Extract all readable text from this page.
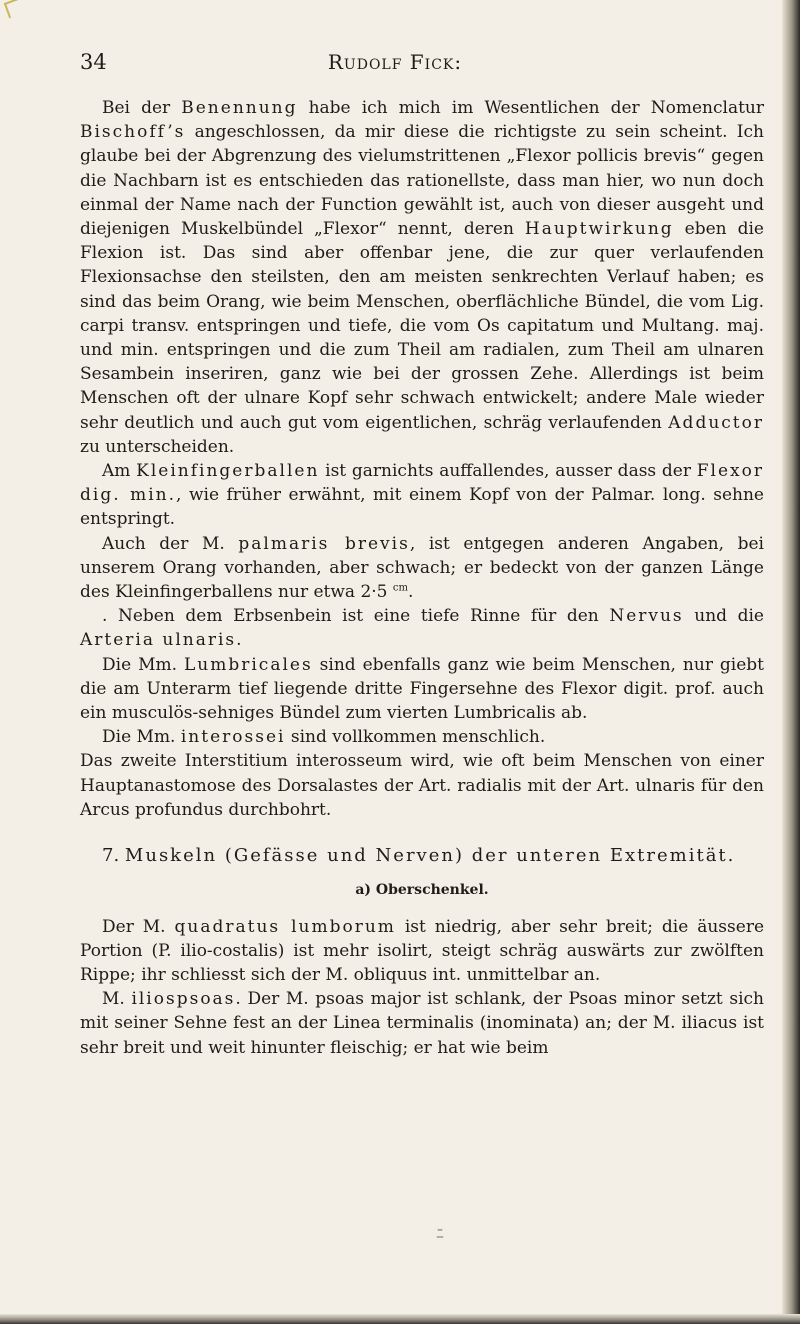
34	Rudolf Fick:

Bei der Benennung habe ich mich im Wesentlichen der Nomenclatur Bischoff’s angeschlossen, da mir diese die richtigste zu sein scheint. Ich glaube bei der Abgrenzung des vielumstrittenen „Flexor pollicis brevis“ gegen die Nachbarn ist es entschieden das rationellste, dass man hier, wo nun doch einmal der Name nach der Function gewählt ist, auch von dieser ausgeht und diejenigen Muskelbündel „Flexor“ nennt, deren Hauptwirkung eben die Flexion ist. Das sind aber offenbar jene, die zur quer verlaufenden Flexionsachse den steilsten, den am meisten senkrechten Verlauf haben; es sind das beim Orang, wie beim Menschen, oberflächliche Bündel, die vom Lig. carpi transv. entspringen und tiefe, die vom Os capitatum und Multang. maj. und min. entspringen und die zum Theil am radialen, zum Theil am ulnaren Sesambein inseriren, ganz wie bei der grossen Zehe. Allerdings ist beim Menschen oft der ulnare Kopf sehr schwach entwickelt; andere Male wieder sehr deutlich und auch gut vom eigentlichen, schräg verlaufenden Adductor zu unterscheiden.

Am Kleinfingerballen ist garnichts auffallendes, ausser dass der Flexor dig. min., wie früher erwähnt, mit einem Kopf von der Palmar. long. sehne entspringt.

Auch der M. palmaris brevis, ist entgegen anderen Angaben, bei unserem Orang vorhanden, aber schwach; er bedeckt von der ganzen Länge des Kleinfingerballens nur etwa 2·5 $^{cm}$.

. Neben dem Erbsenbein ist eine tiefe Rinne für den Nervus und die Arteria ulnaris.

Die Mm. Lumbricales sind ebenfalls ganz wie beim Menschen, nur giebt die am Unterarm tief liegende dritte Fingersehne des Flexor digit. prof. auch ein musculös-sehniges Bündel zum vierten Lumbricalis ab.

Die Mm. interossei sind vollkommen menschlich.

Das zweite Interstitium interosseum wird, wie oft beim Menschen von einer Hauptanastomose des Dorsalastes der Art. radialis mit der Art. ulnaris für den Arcus profundus durchbohrt.

7. Muskeln (Gefässe und Nerven) der unteren Extremität.
a) Oberschenkel.

Der M. quadratus lumborum ist niedrig, aber sehr breit; die äussere Portion (P. ilio-costalis) ist mehr isolirt, steigt schräg auswärts zur zwölften Rippe; ihr schliesst sich der M. obliquus int. unmittelbar an.

M. iliospsoas. Der M. psoas major ist schlank, der Psoas minor setzt sich mit seiner Sehne fest an der Linea terminalis (inominata) an; der M. iliacus ist sehr breit und weit hinunter fleischig; er hat wie beim

–̄
